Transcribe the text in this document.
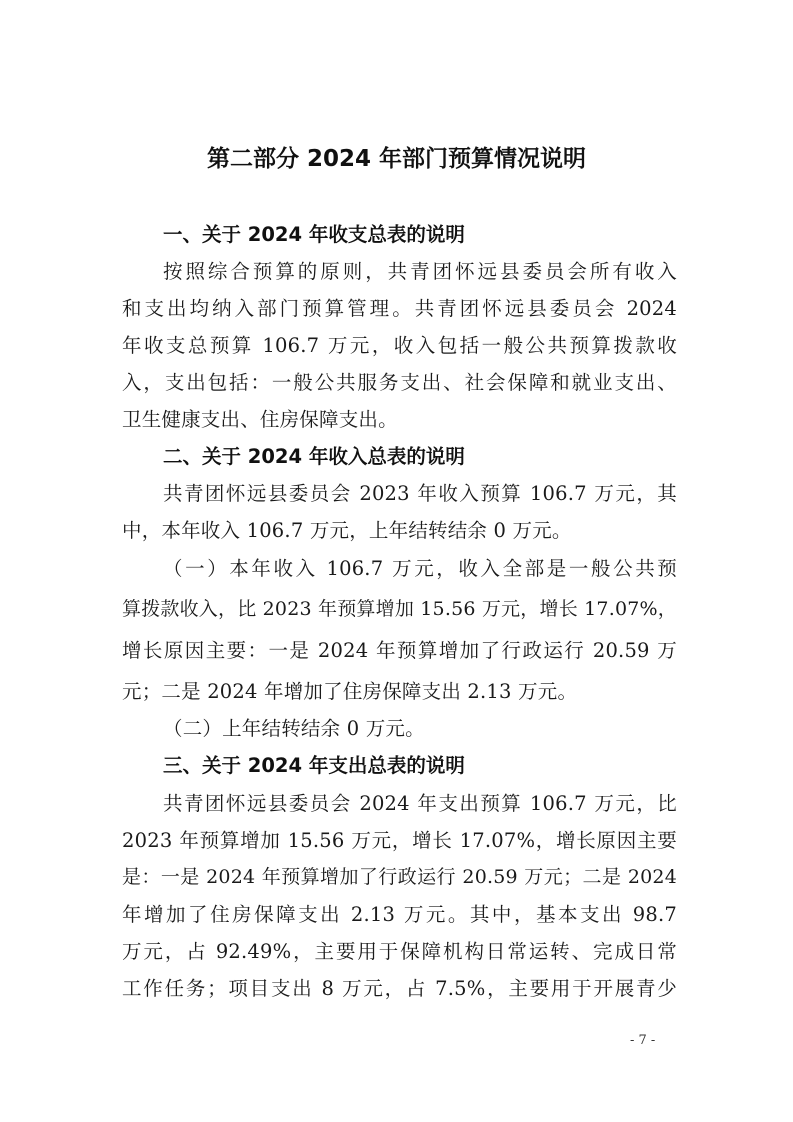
第二部分 2024 年部门预算情况说明
一、关于 2024 年收支总表的说明
按照综合预算的原则，共青团怀远县委员会所有收入
和支出均纳入部门预算管理。共青团怀远县委员会 2024
年收支总预算 106.7 万元，收入包括一般公共预算拨款收
入，支出包括：一般公共服务支出、社会保障和就业支出、
卫生健康支出、住房保障支出。
二、关于 2024 年收入总表的说明
共青团怀远县委员会 2023 年收入预算 106.7 万元，其
中，本年收入 106.7 万元，上年结转结余 0 万元。
（一）本年收入 106.7 万元，收入全部是一般公共预
算拨款收入，比 2023 年预算增加 15.56 万元，增长 17.07%，
增长原因主要：一是 2024 年预算增加了行政运行 20.59 万
元；二是 2024 年增加了住房保障支出 2.13 万元。
（二）上年结转结余 0 万元。
三、关于 2024 年支出总表的说明
共青团怀远县委员会 2024 年支出预算 106.7 万元，比
2023 年预算增加 15.56 万元，增长 17.07%，增长原因主要
是：一是 2024 年预算增加了行政运行 20.59 万元；二是 2024
年增加了住房保障支出 2.13 万元。其中，基本支出 98.7
万元，占 92.49%，主要用于保障机构日常运转、完成日常
工作任务；项目支出 8 万元，占 7.5%，主要用于开展青少
- 7 -
